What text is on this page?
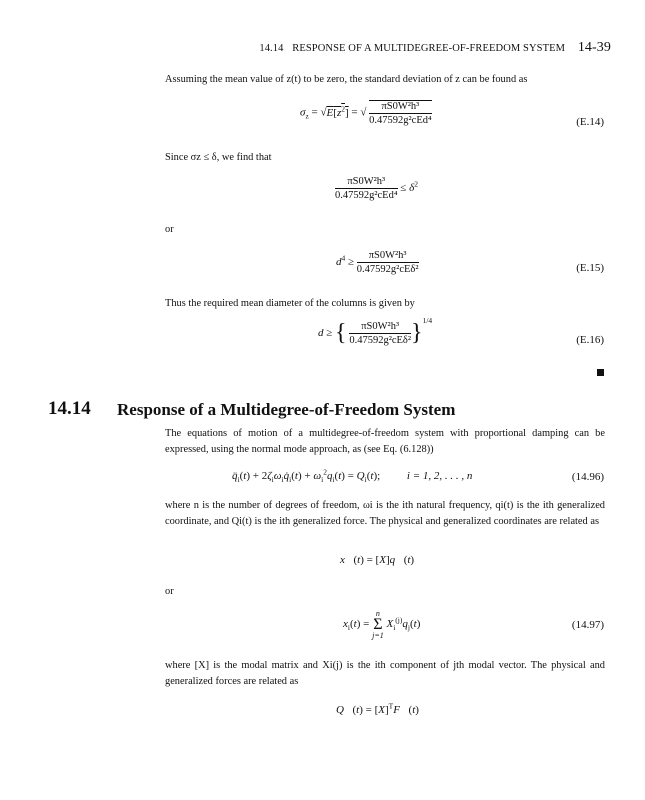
14.14 RESPONSE OF A MULTIDEGREE-OF-FREEDOM SYSTEM 14-39
Assuming the mean value of z(t) to be zero, the standard deviation of z can be found as
$\sigma_z = √E[z^2]$ = √ $\frac{\text{πS0W²h³}}{\text{0.47592g²cEd⁴}}$	(E.14)
Since σz ≤ δ, we find that
$\frac{\text{πS0W²h³}}{\text{0.47592g²cEd⁴}} \le \delta^2$
or
$d^4 \ge \frac{\text{πS0W²h³}}{\text{0.47592g²cEδ²}}$	(E.15)
Thus the required mean diameter of the columns is given by
d ≥ { $\frac{\text{πS0W²h³}}{\text{0.47592g²cEδ²}} \}^{1/4}$
(E.16)
14.14 Response of a Multidegree-of-Freedom System
The equations of motion of a multidegree-of-freedom system with proportional damping can be expressed, using the normal mode approach, as (see Eq. (6.128))
$q̈_i(t)$ + $2\zeta_i\omega_iq̇_i(t) + \omega_i^2q_i(t) = Q_i(t)$; i = 1, 2, . . . , n	(14.96)
where n is the number of degrees of freedom, ωi is the ith natural frequency, qi(t) is the ith generalized coordinate, and Qi(t) is the ith generalized force. The physical and generalized coordinates are related as
x⃗(t) = [X]q⃗(t)
or
$x_i(t)$ =
n
Σ
j=1
$X_i^{(j)}q_j(t)$	(14.97)
where [X] is the modal matrix and Xi(j) is the ith component of jth modal vector. The physical and generalized forces are related as
Q⃗(t) = $[X]^TF⃗(t)$
